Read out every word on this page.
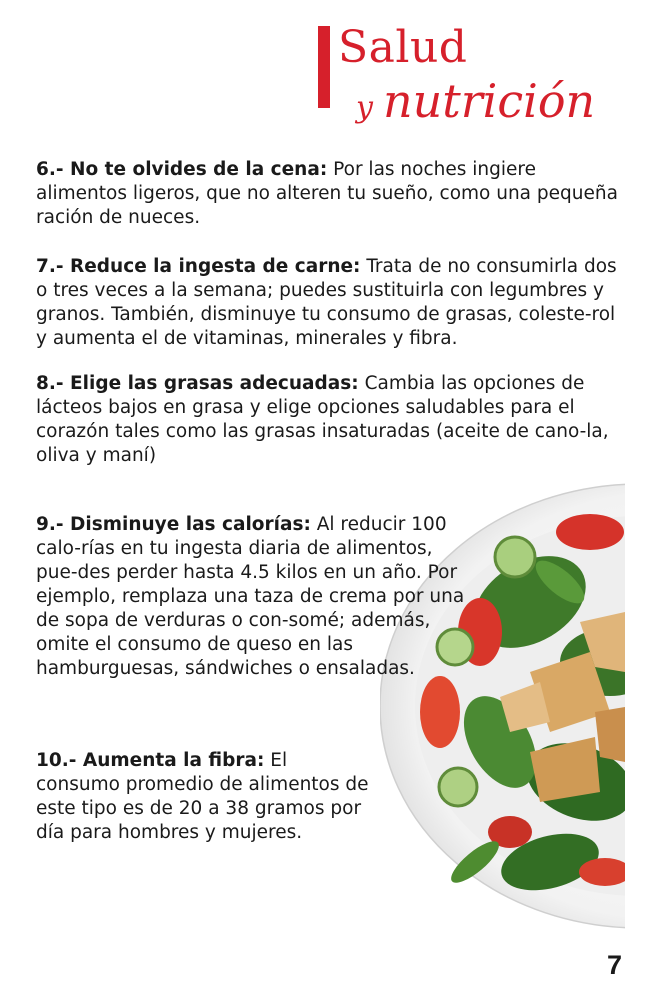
Salud
y nutrición

6.- No te olvides de la cena: Por las noches ingiere alimentos ligeros, que no alteren tu sueño, como una pequeña ración de nueces.

7.- Reduce la ingesta de carne: Trata de no consumirla dos o tres veces a la semana; puedes sustituirla con legumbres y granos. También, disminuye tu consumo de grasas, coleste-rol y aumenta el de vitaminas, minerales y fibra.

8.- Elige las grasas adecuadas: Cambia las opciones de lácteos bajos en grasa y elige opciones saludables para el corazón tales como las grasas insaturadas (aceite de cano-la, oliva y maní)

9.- Disminuye las calorías: Al reducir 100 calo-rías en tu ingesta diaria de alimentos, pue-des perder hasta 4.5 kilos en un año. Por ejemplo, remplaza una taza de crema por una de sopa de verduras o con-somé; además, omite el consumo de queso en las hamburguesas, sándwiches o ensaladas.

10.- Aumenta la fibra: El consumo promedio de alimentos de este tipo es de 20 a 38 gramos por día para hombres y mujeres.

7
